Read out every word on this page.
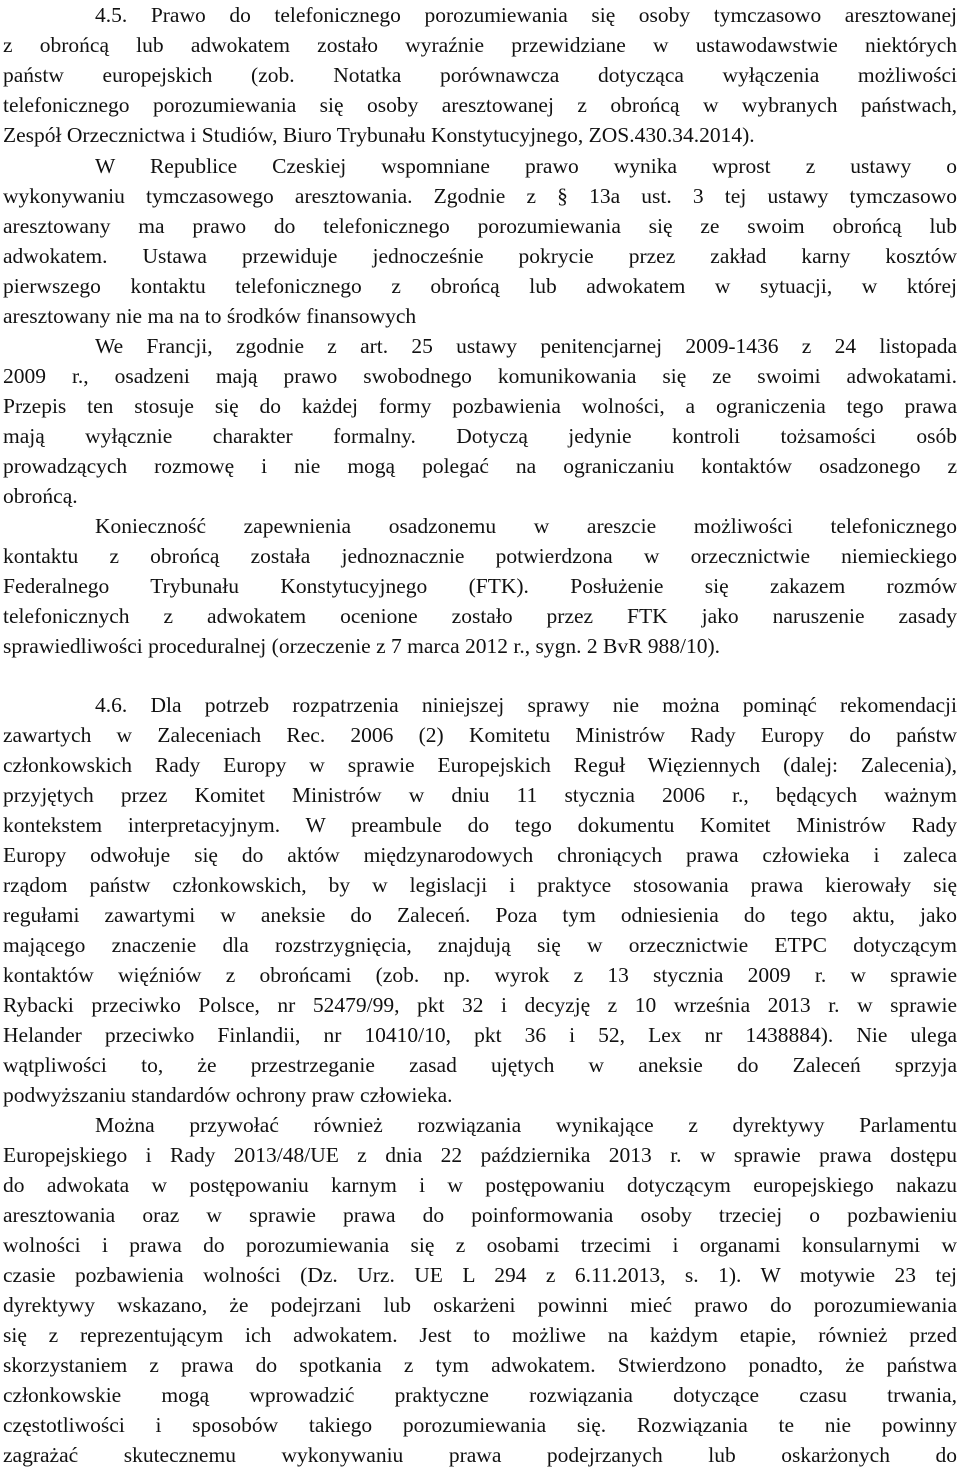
4.5. Prawo do telefonicznego porozumiewania się osoby tymczasowo aresztowanej
z obrońcą lub adwokatem zostało wyraźnie przewidziane w ustawodawstwie niektórych
państw europejskich (zob. Notatka porównawcza dotycząca wyłączenia możliwości
telefonicznego porozumiewania się osoby aresztowanej z obrońcą w wybranych państwach,
Zespół Orzecznictwa i Studiów, Biuro Trybunału Konstytucyjnego, ZOS.430.34.2014).
W Republice Czeskiej wspomniane prawo wynika wprost z ustawy o
wykonywaniu tymczasowego aresztowania. Zgodnie z § 13a ust. 3 tej ustawy tymczasowo
aresztowany ma prawo do telefonicznego porozumiewania się ze swoim obrońcą lub
adwokatem. Ustawa przewiduje jednocześnie pokrycie przez zakład karny kosztów
pierwszego kontaktu telefonicznego z obrońcą lub adwokatem w sytuacji, w której
aresztowany nie ma na to środków finansowych
We Francji, zgodnie z art. 25 ustawy penitencjarnej 2009-1436 z 24 listopada
2009 r., osadzeni mają prawo swobodnego komunikowania się ze swoimi adwokatami.
Przepis ten stosuje się do każdej formy pozbawienia wolności, a ograniczenia tego prawa
mają wyłącznie charakter formalny. Dotyczą jedynie kontroli tożsamości osób
prowadzących rozmowę i nie mogą polegać na ograniczaniu kontaktów osadzonego z
obrońcą.
Konieczność zapewnienia osadzonemu w areszcie możliwości telefonicznego
kontaktu z obrońcą została jednoznacznie potwierdzona w orzecznictwie niemieckiego
Federalnego Trybunału Konstytucyjnego (FTK). Posłużenie się zakazem rozmów
telefonicznych z adwokatem ocenione zostało przez FTK jako naruszenie zasady
sprawiedliwości proceduralnej (orzeczenie z 7 marca 2012 r., sygn. 2 BvR 988/10).
4.6. Dla potrzeb rozpatrzenia niniejszej sprawy nie można pominąć rekomendacji
zawartych w Zaleceniach Rec. 2006 (2) Komitetu Ministrów Rady Europy do państw
członkowskich Rady Europy w sprawie Europejskich Reguł Więziennych (dalej: Zalecenia),
przyjętych przez Komitet Ministrów w dniu 11 stycznia 2006 r., będących ważnym
kontekstem interpretacyjnym. W preambule do tego dokumentu Komitet Ministrów Rady
Europy odwołuje się do aktów międzynarodowych chroniących prawa człowieka i zaleca
rządom państw członkowskich, by w legislacji i praktyce stosowania prawa kierowały się
regułami zawartymi w aneksie do Zaleceń. Poza tym odniesienia do tego aktu, jako
mającego znaczenie dla rozstrzygnięcia, znajdują się w orzecznictwie ETPC dotyczącym
kontaktów więźniów z obrońcami (zob. np. wyrok z 13 stycznia 2009 r. w sprawie
Rybacki przeciwko Polsce, nr 52479/99, pkt 32 i decyzję z 10 września 2013 r. w sprawie
Helander przeciwko Finlandii, nr 10410/10, pkt 36 i 52, Lex nr 1438884). Nie ulega
wątpliwości to, że przestrzeganie zasad ujętych w aneksie do Zaleceń sprzyja
podwyższaniu standardów ochrony praw człowieka.
Można przywołać również rozwiązania wynikające z dyrektywy Parlamentu
Europejskiego i Rady 2013/48/UE z dnia 22 października 2013 r. w sprawie prawa dostępu
do adwokata w postępowaniu karnym i w postępowaniu dotyczącym europejskiego nakazu
aresztowania oraz w sprawie prawa do poinformowania osoby trzeciej o pozbawieniu
wolności i prawa do porozumiewania się z osobami trzecimi i organami konsularnymi w
czasie pozbawienia wolności (Dz. Urz. UE L 294 z 6.11.2013, s. 1). W motywie 23 tej
dyrektywy wskazano, że podejrzani lub oskarżeni powinni mieć prawo do porozumiewania
się z reprezentującym ich adwokatem. Jest to możliwe na każdym etapie, również przed
skorzystaniem z prawa do spotkania z tym adwokatem. Stwierdzono ponadto, że państwa
członkowskie mogą wprowadzić praktyczne rozwiązania dotyczące czasu trwania,
częstotliwości i sposobów takiego porozumiewania się. Rozwiązania te nie powinny
zagrażać skutecznemu wykonywaniu prawa podejrzanych lub oskarżonych do
